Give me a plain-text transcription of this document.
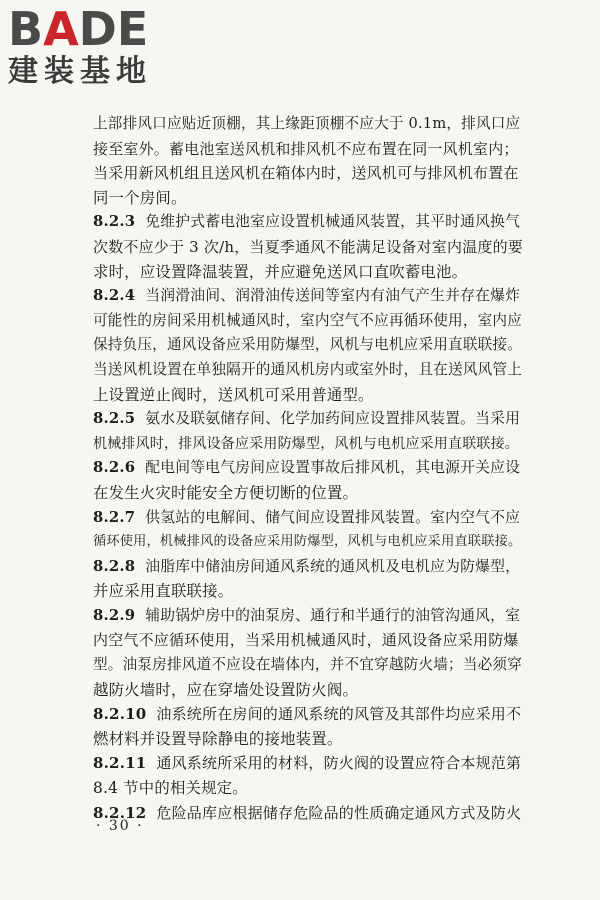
BADE
建装基地
上部排风口应贴近顶棚，其上缘距顶棚不应大于 0.1m，排风口应
接至室外。蓄电池室送风机和排风机不应布置在同一风机室内；
当采用新风机组且送风机在箱体内时，送风机可与排风机布置在
同一个房间。
8.2.3 免维护式蓄电池室应设置机械通风装置，其平时通风换气
次数不应少于 3 次/h，当夏季通风不能满足设备对室内温度的要
求时，应设置降温装置，并应避免送风口直吹蓄电池。
8.2.4 当润滑油间、润滑油传送间等室内有油气产生并存在爆炸
可能性的房间采用机械通风时，室内空气不应再循环使用，室内应
保持负压，通风设备应采用防爆型，风机与电机应采用直联联接。
当送风机设置在单独隔开的通风机房内或室外时，且在送风风管上
上设置逆止阀时，送风机可采用普通型。
8.2.5 氨水及联氨储存间、化学加药间应设置排风装置。当采用
机械排风时，排风设备应采用防爆型，风机与电机应采用直联联接。
8.2.6 配电间等电气房间应设置事故后排风机，其电源开关应设
在发生火灾时能安全方便切断的位置。
8.2.7 供氢站的电解间、储气间应设置排风装置。室内空气不应
循环使用，机械排风的设备应采用防爆型，风机与电机应采用直联联接。
8.2.8 油脂库中储油房间通风系统的通风机及电机应为防爆型，
并应采用直联联接。
8.2.9 辅助锅炉房中的油泵房、通行和半通行的油管沟通风，室
内空气不应循环使用，当采用机械通风时，通风设备应采用防爆
型。油泵房排风道不应设在墙体内，并不宜穿越防火墙；当必须穿
越防火墙时，应在穿墙处设置防火阀。
8.2.10 油系统所在房间的通风系统的风管及其部件均应采用不
燃材料并设置导除静电的接地装置。
8.2.11 通风系统所采用的材料，防火阀的设置应符合本规范第
8.4 节中的相关规定。
8.2.12 危险品库应根据储存危险品的性质确定通风方式及防火
· 30 ·
